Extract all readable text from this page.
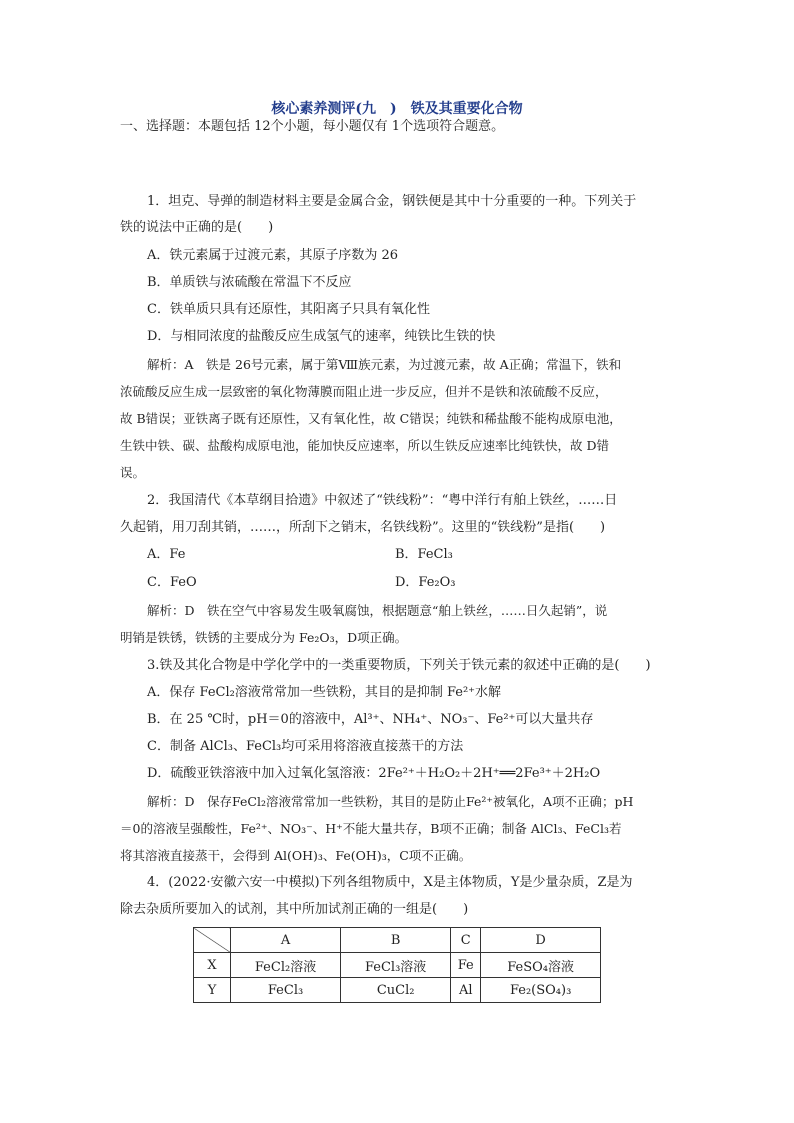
核心素养测评(九　)　铁及其重要化合物
一、选择题：本题包括 12个小题，每小题仅有 1个选项符合题意。
1．坦克、导弹的制造材料主要是金属合金，钢铁便是其中十分重要的一种。下列关于
铁的说法中正确的是(　　)
A．铁元素属于过渡元素，其原子序数为 26
B．单质铁与浓硫酸在常温下不反应
C．铁单质只具有还原性，其阳离子只具有氧化性
D．与相同浓度的盐酸反应生成氢气的速率，纯铁比生铁的快
解析：A　铁是 26号元素，属于第Ⅷ族元素，为过渡元素，故 A正确；常温下，铁和
浓硫酸反应生成一层致密的氧化物薄膜而阻止进一步反应，但并不是铁和浓硫酸不反应，
故 B错误；亚铁离子既有还原性，又有氧化性，故 C错误；纯铁和稀盐酸不能构成原电池，
生铁中铁、碳、盐酸构成原电池，能加快反应速率，所以生铁反应速率比纯铁快，故 D错
误。
2．我国清代《本草纲目拾遗》中叙述了“铁线粉”：“粤中洋行有舶上铁丝，……日
久起销，用刀刮其销，……，所刮下之销末，名铁线粉”。这里的“铁线粉”是指(　　)
A．Fe	B．FeCl₃
C．FeO	D．Fe₂O₃
解析：D　铁在空气中容易发生吸氧腐蚀，根据题意“舶上铁丝，……日久起销”，说
明销是铁锈，铁锈的主要成分为 Fe₂O₃，D项正确。
3.铁及其化合物是中学化学中的一类重要物质，下列关于铁元素的叙述中正确的是(　　)
A．保存 FeCl₂溶液常常加一些铁粉，其目的是抑制 Fe²⁺水解
B．在 25 ℃时，pH＝0的溶液中，Al³⁺、NH₄⁺、NO₃⁻、Fe²⁺可以大量共存
C．制备 AlCl₃、FeCl₃均可采用将溶液直接蒸干的方法
D．硫酸亚铁溶液中加入过氧化氢溶液：2Fe²⁺＋H₂O₂＋2H⁺══2Fe³⁺＋2H₂O
解析：D　保存FeCl₂溶液常常加一些铁粉，其目的是防止Fe²⁺被氧化，A项不正确；pH
＝0的溶液呈强酸性，Fe²⁺、NO₃⁻、H⁺不能大量共存，B项不正确；制备 AlCl₃、FeCl₃若
将其溶液直接蒸干，会得到 Al(OH)₃、Fe(OH)₃，C项不正确。
4．(2022·安徽六安一中模拟)下列各组物质中，X是主体物质，Y是少量杂质，Z是为
除去杂质所要加入的试剂，其中所加试剂正确的一组是(　　)
	A	B	C	D
X	FeCl₂溶液	FeCl₃溶液	Fe	FeSO₄溶液
Y	FeCl₃	CuCl₂	Al	Fe₂(SO₄)₃
